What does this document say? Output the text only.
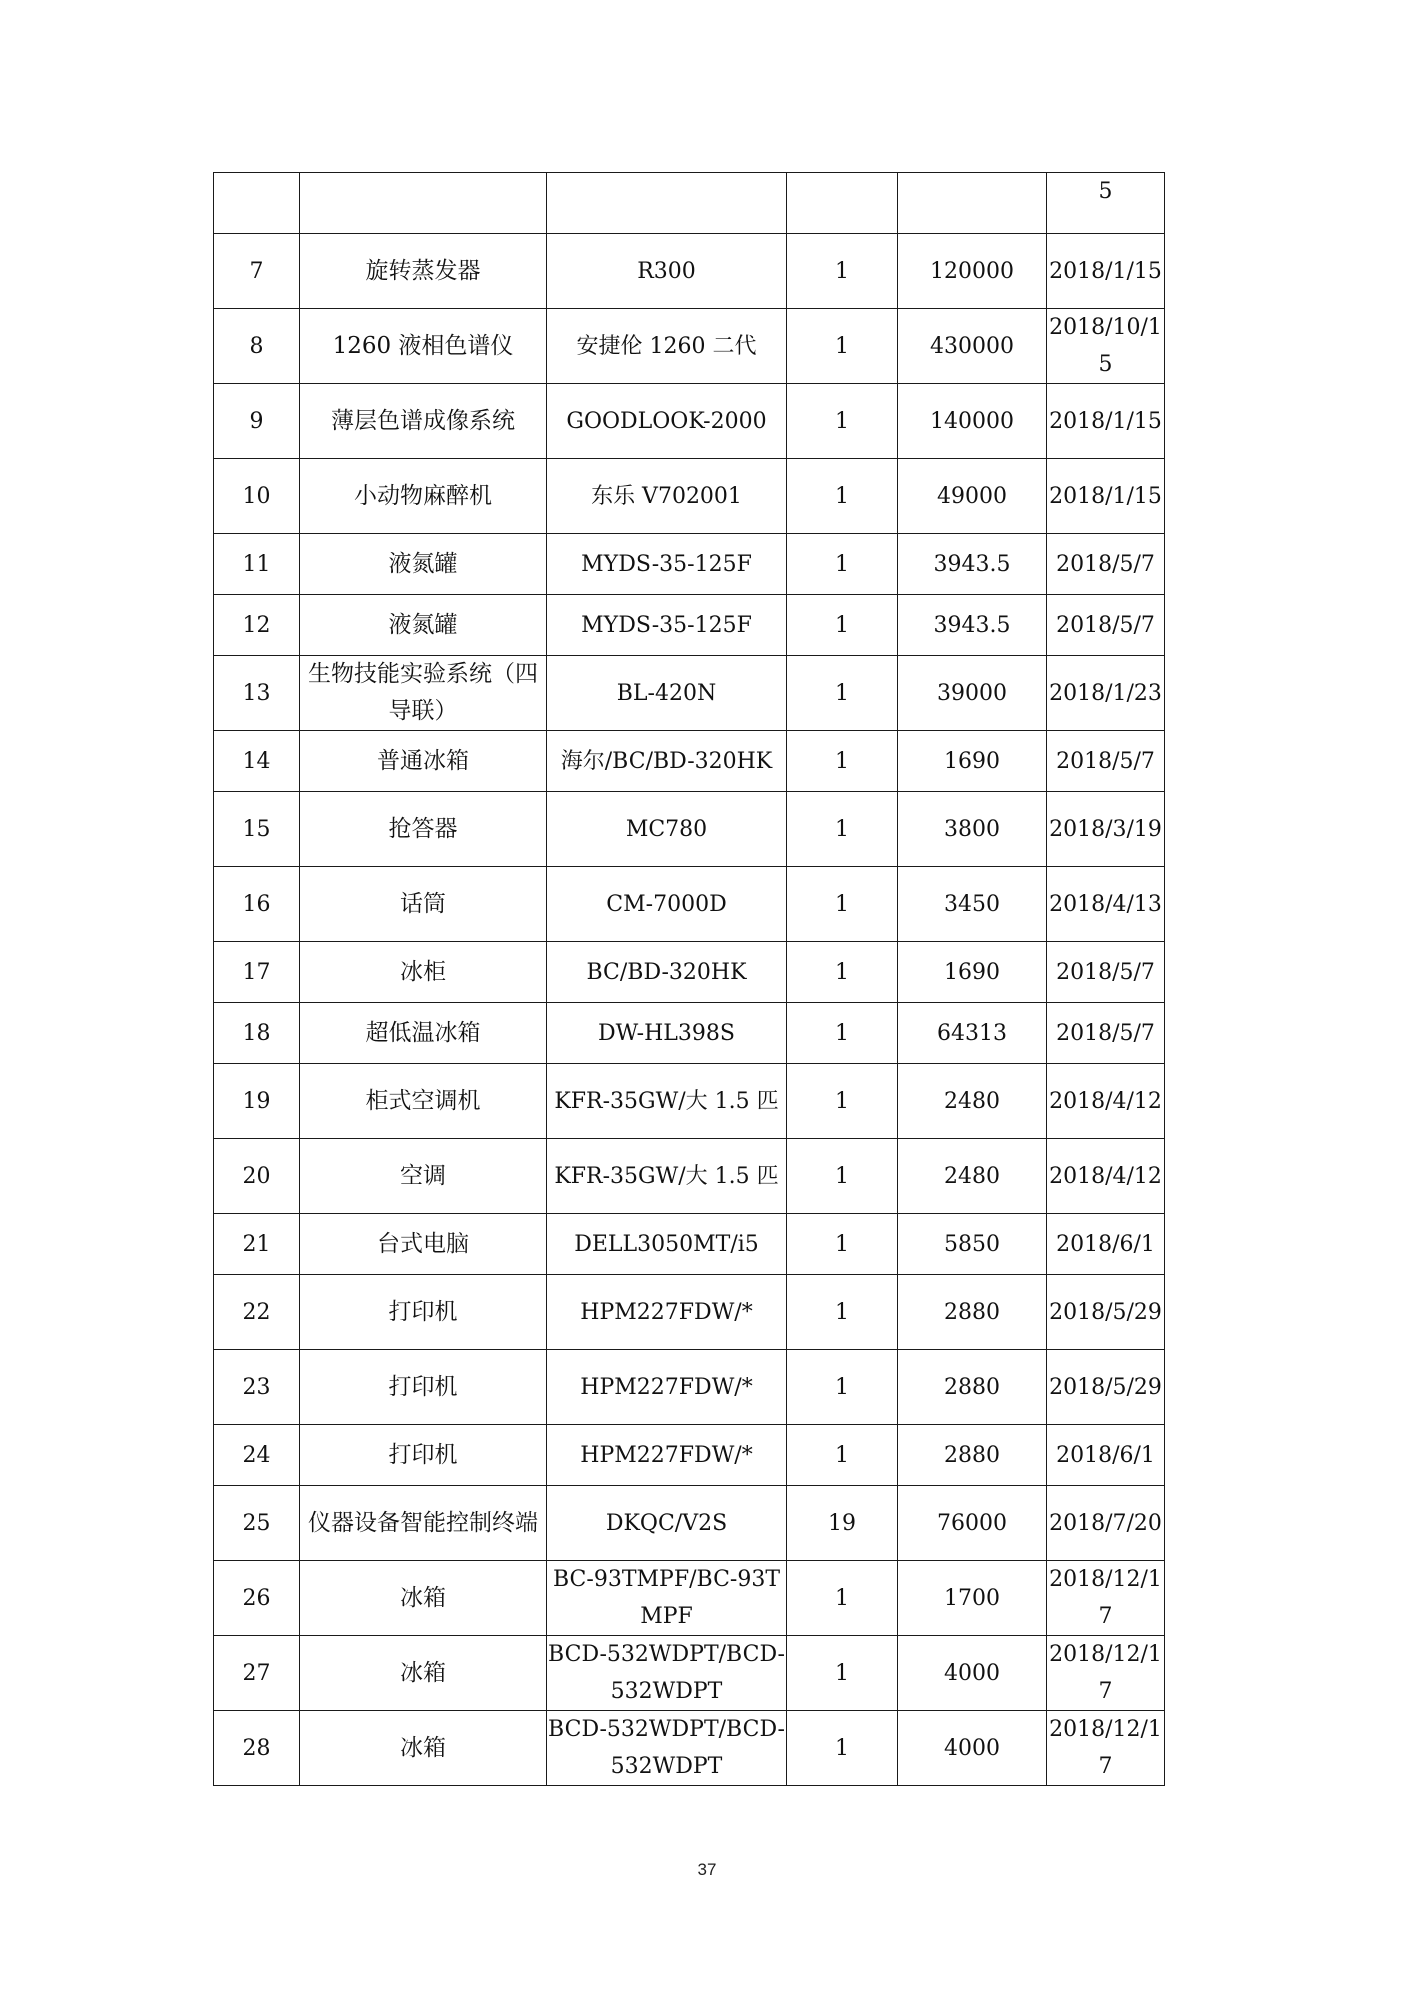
					5
7	旋转蒸发器	R300	1	120000	2018/1/15
8	1260 液相色谱仪	安捷伦 1260 二代	1	430000	2018/10/15
9	薄层色谱成像系统	GOODLOOK-2000	1	140000	2018/1/15
10	小动物麻醉机	东乐 V702001	1	49000	2018/1/15
11	液氮罐	MYDS-35-125F	1	3943.5	2018/5/7
12	液氮罐	MYDS-35-125F	1	3943.5	2018/5/7
13	生物技能实验系统（四导联）	BL-420N	1	39000	2018/1/23
14	普通冰箱	海尔/BC/BD-320HK	1	1690	2018/5/7
15	抢答器	MC780	1	3800	2018/3/19
16	话筒	CM-7000D	1	3450	2018/4/13
17	冰柜	BC/BD-320HK	1	1690	2018/5/7
18	超低温冰箱	DW-HL398S	1	64313	2018/5/7
19	柜式空调机	KFR-35GW/大 1.5 匹	1	2480	2018/4/12
20	空调	KFR-35GW/大 1.5 匹	1	2480	2018/4/12
21	台式电脑	DELL3050MT/i5	1	5850	2018/6/1
22	打印机	HPM227FDW/*	1	2880	2018/5/29
23	打印机	HPM227FDW/*	1	2880	2018/5/29
24	打印机	HPM227FDW/*	1	2880	2018/6/1
25	仪器设备智能控制终端	DKQC/V2S	19	76000	2018/7/20
26	冰箱	BC-93TMPF/BC-93TMPF	1	1700	2018/12/17
27	冰箱	BCD-532WDPT/BCD-532WDPT	1	4000	2018/12/17
28	冰箱	BCD-532WDPT/BCD-532WDPT	1	4000	2018/12/17
37
